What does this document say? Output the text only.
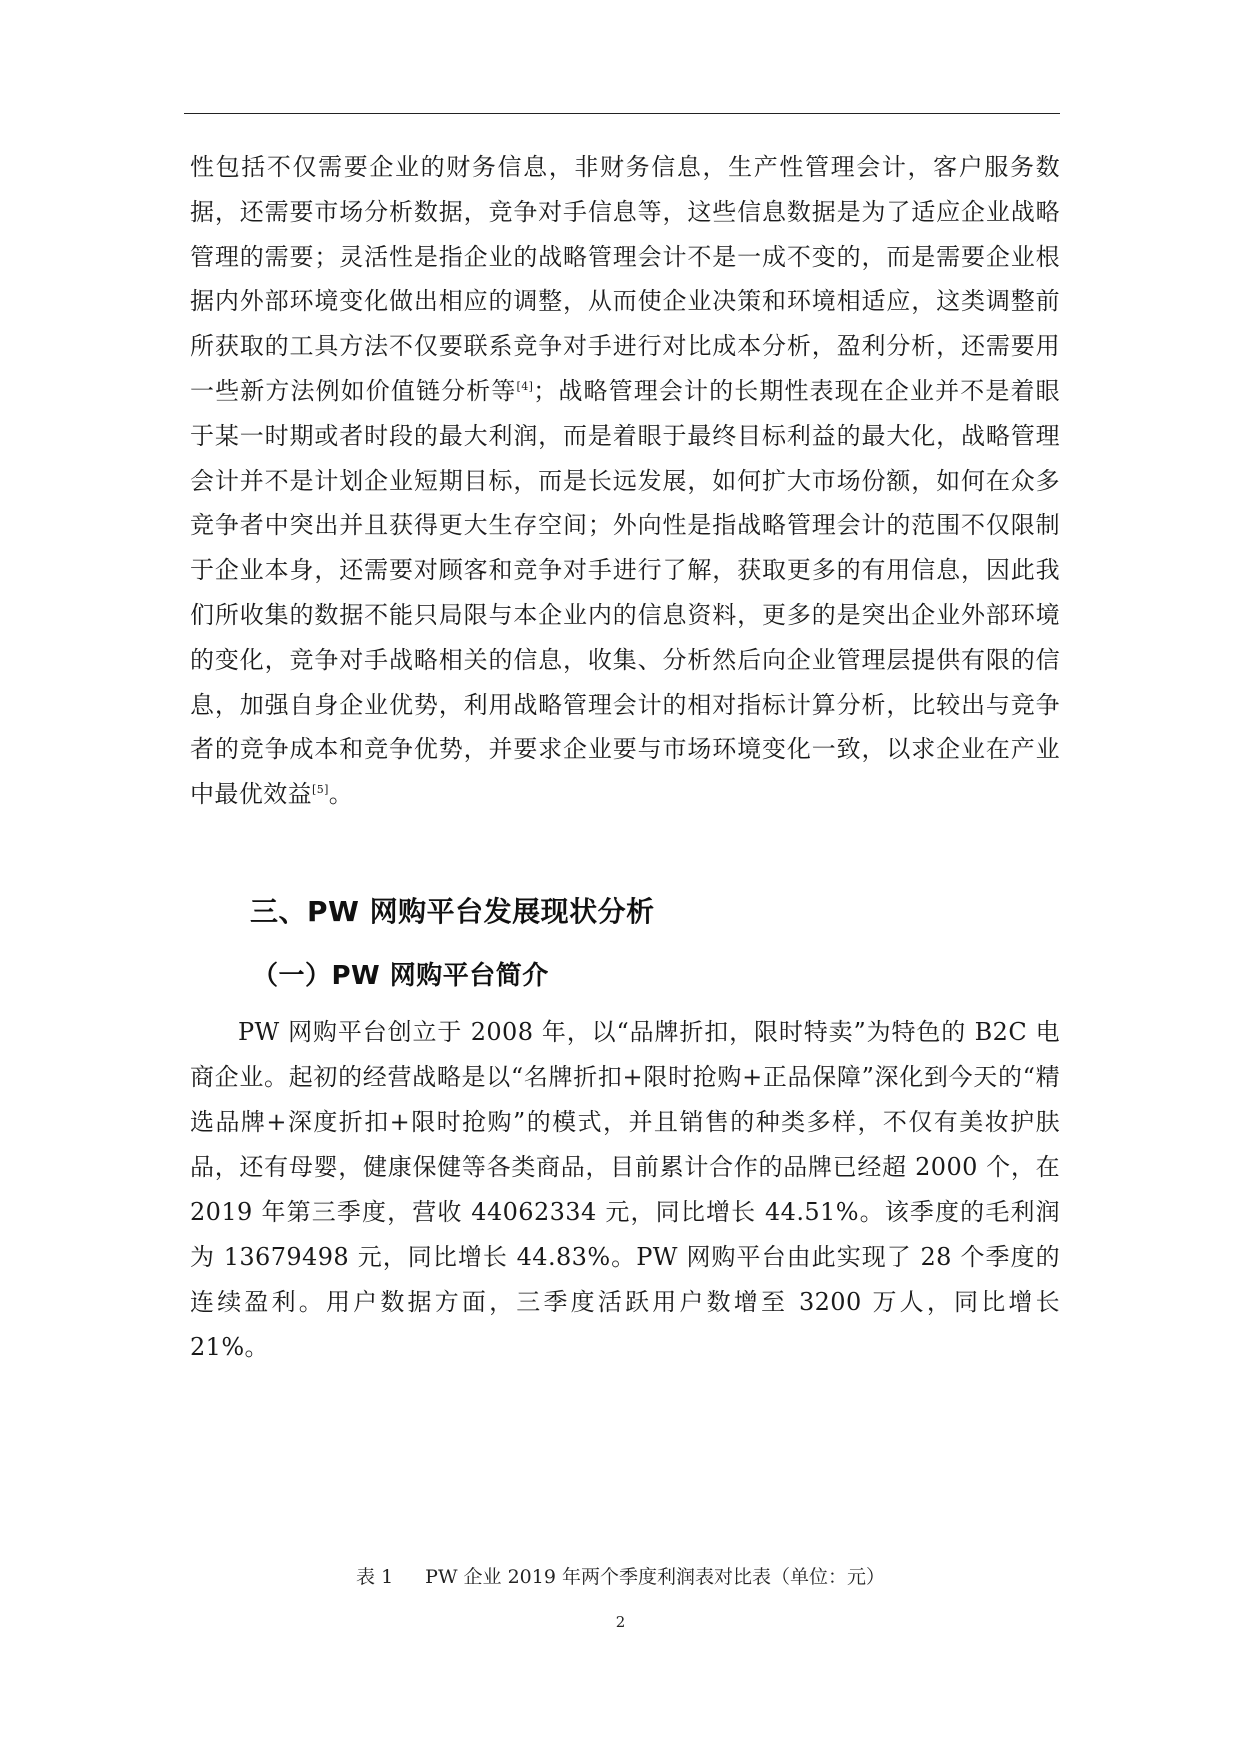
性包括不仅需要企业的财务信息，非财务信息，生产性管理会计，客户服务数据，还需要市场分析数据，竞争对手信息等，这些信息数据是为了适应企业战略管理的需要；灵活性是指企业的战略管理会计不是一成不变的，而是需要企业根据内外部环境变化做出相应的调整，从而使企业决策和环境相适应，这类调整前所获取的工具方法不仅要联系竞争对手进行对比成本分析，盈利分析，还需要用一些新方法例如价值链分析等[4]；战略管理会计的长期性表现在企业并不是着眼于某一时期或者时段的最大利润，而是着眼于最终目标利益的最大化，战略管理会计并不是计划企业短期目标，而是长远发展，如何扩大市场份额，如何在众多竞争者中突出并且获得更大生存空间；外向性是指战略管理会计的范围不仅限制于企业本身，还需要对顾客和竞争对手进行了解，获取更多的有用信息，因此我们所收集的数据不能只局限与本企业内的信息资料，更多的是突出企业外部环境的变化，竞争对手战略相关的信息，收集、分析然后向企业管理层提供有限的信息，加强自身企业优势，利用战略管理会计的相对指标计算分析，比较出与竞争者的竞争成本和竞争优势，并要求企业要与市场环境变化一致，以求企业在产业中最优效益[5]。
三、PW 网购平台发展现状分析
（一）PW 网购平台简介
PW 网购平台创立于 2008 年，以“品牌折扣，限时特卖”为特色的 B2C 电商企业。起初的经营战略是以“名牌折扣+限时抢购+正品保障”深化到今天的“精选品牌+深度折扣+限时抢购”的模式，并且销售的种类多样，不仅有美妆护肤品，还有母婴，健康保健等各类商品，目前累计合作的品牌已经超 2000 个，在 2019 年第三季度，营收 44062334 元，同比增长 44.51%。该季度的毛利润为 13679498 元，同比增长 44.83%。PW 网购平台由此实现了 28 个季度的连续盈利。用户数据方面，三季度活跃用户数增至 3200 万人，同比增长 21%。
表 1 PW 企业 2019 年两个季度利润表对比表（单位：元）
2
